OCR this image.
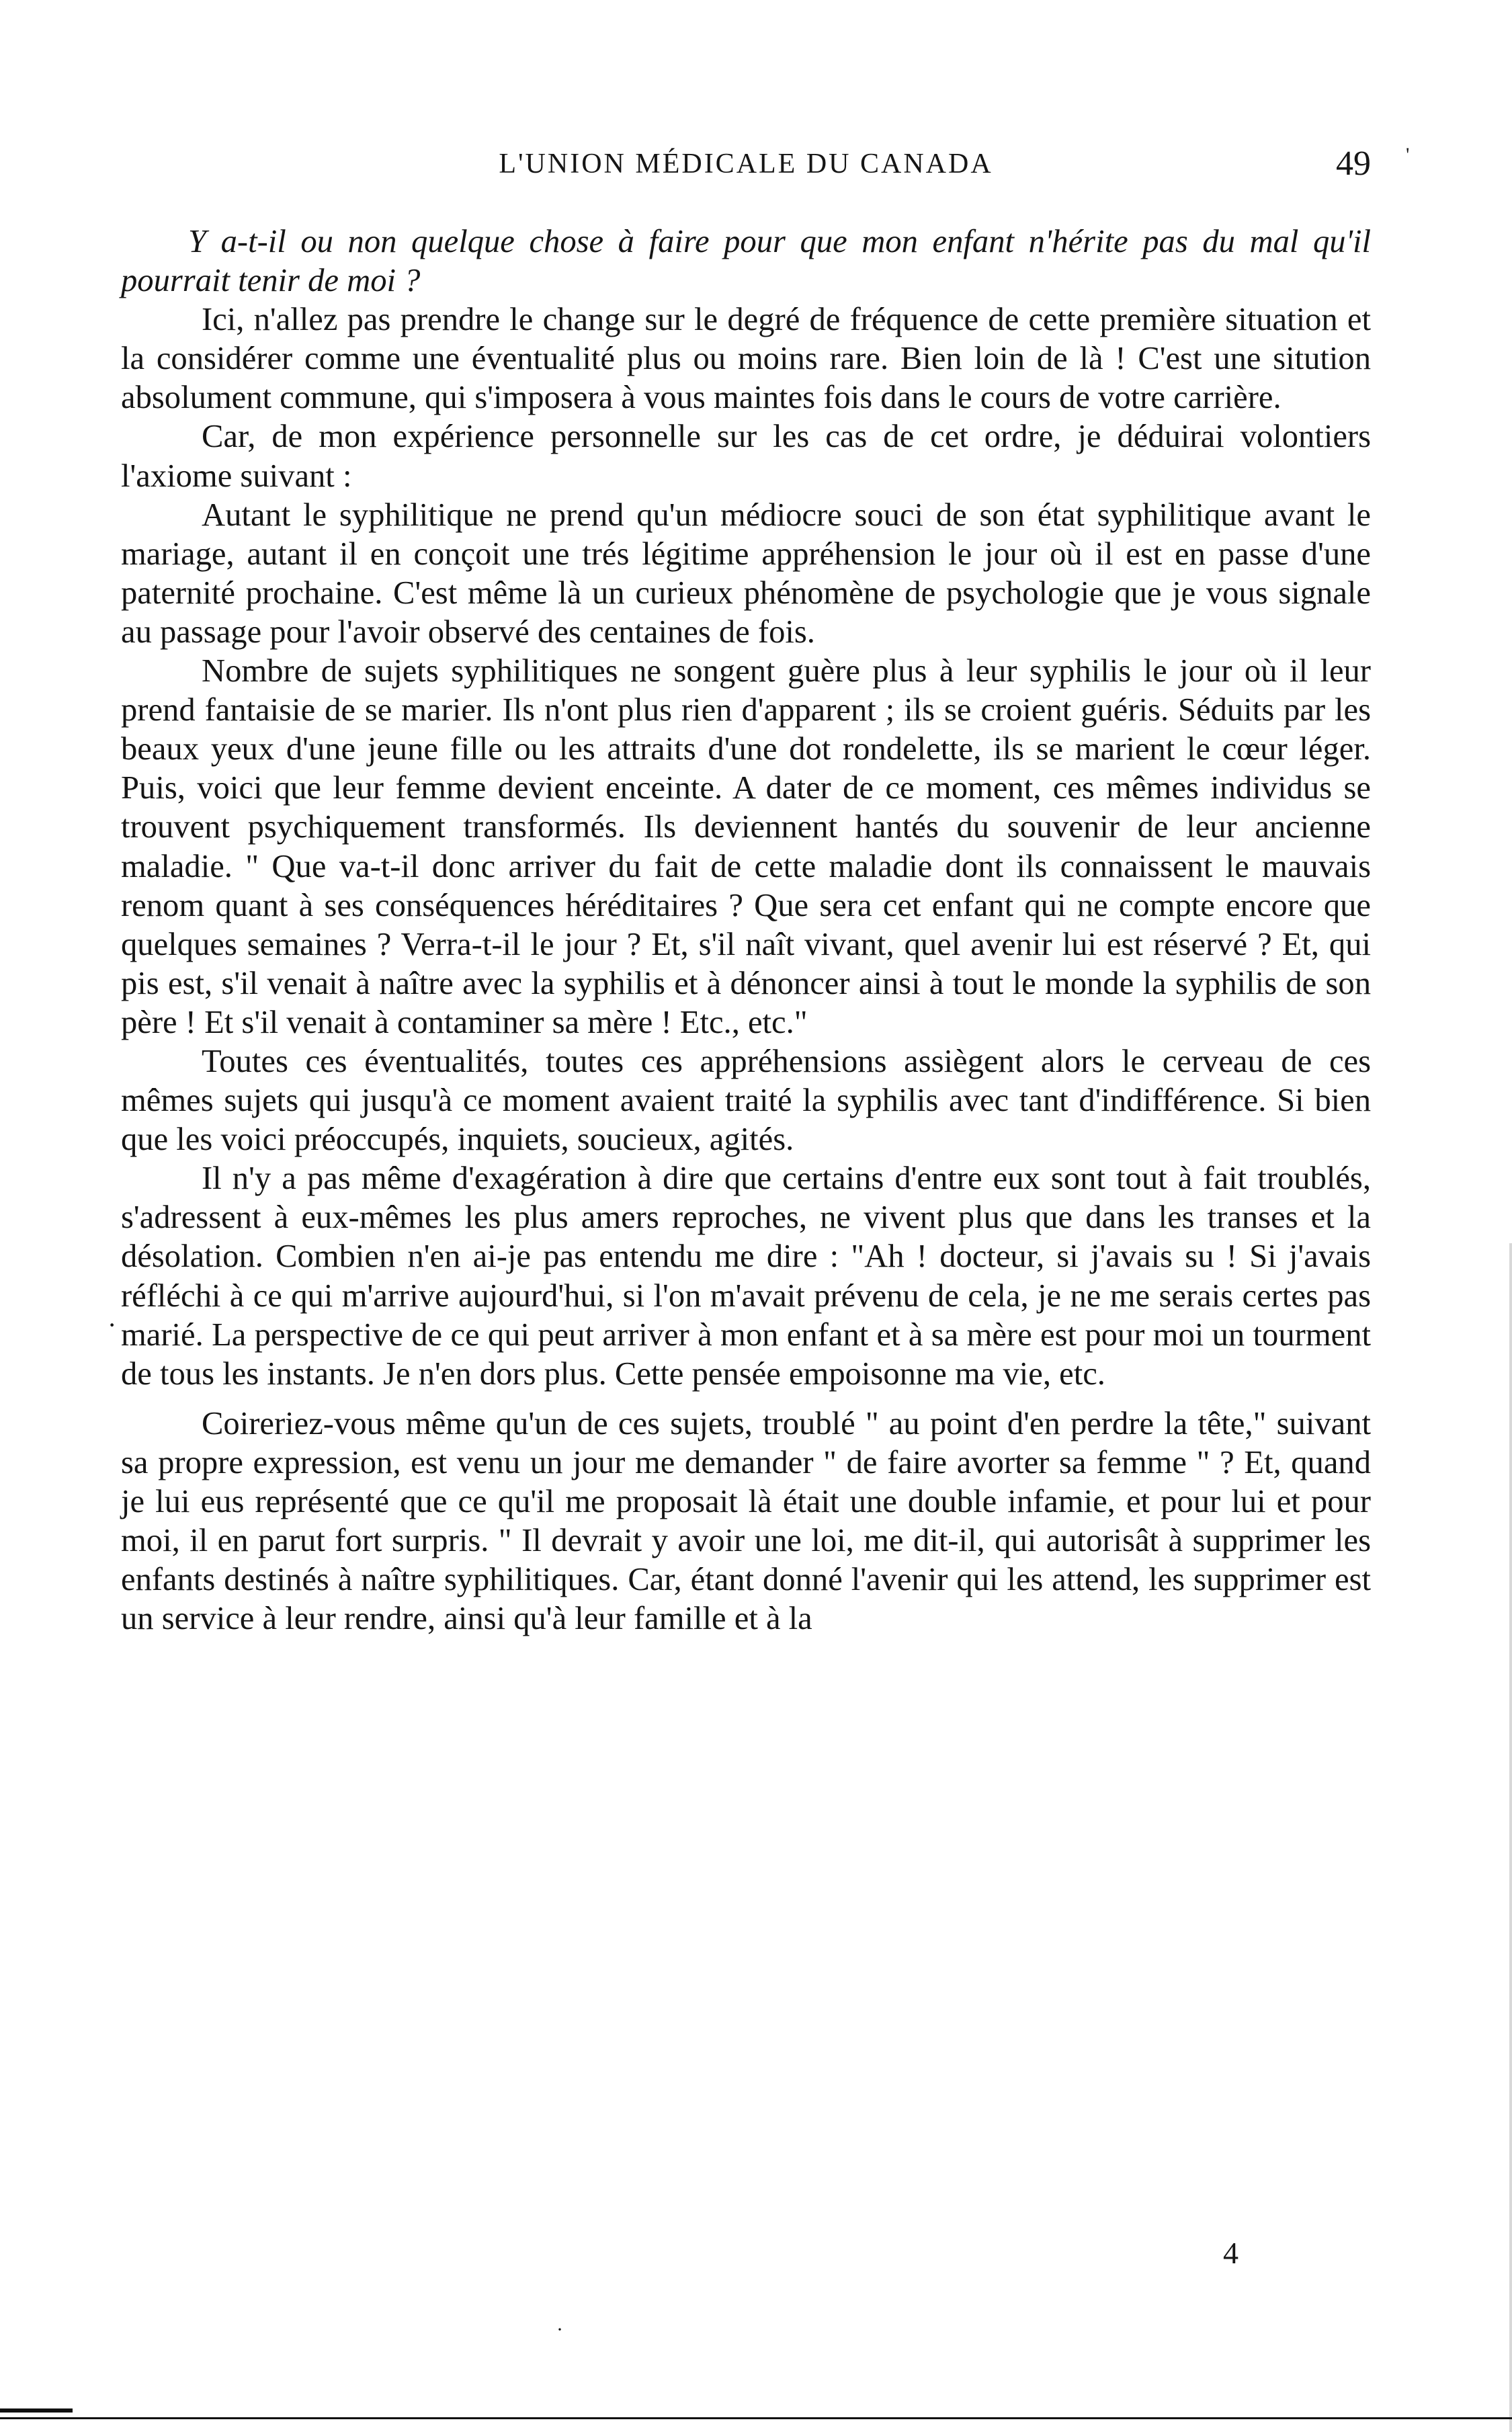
L'UNION MÉDICALE DU CANADA	49 '

Y a-t-il ou non quelque chose à faire pour que mon enfant n'hérite pas du mal qu'il pourrait tenir de moi ?

Ici, n'allez pas prendre le change sur le degré de fréquence de cette première situation et la considérer comme une éventualité plus ou moins rare. Bien loin de là ! C'est une sitution absolument commune, qui s'imposera à vous maintes fois dans le cours de votre carrière.

Car, de mon expérience personnelle sur les cas de cet ordre, je déduirai volontiers l'axiome suivant :

Autant le syphilitique ne prend qu'un médiocre souci de son état syphilitique avant le mariage, autant il en conçoit une trés légitime appréhension le jour où il est en passe d'une paternité prochaine. C'est même là un curieux phénomène de psychologie que je vous signale au passage pour l'avoir observé des centaines de fois.

Nombre de sujets syphilitiques ne songent guère plus à leur syphilis le jour où il leur prend fantaisie de se marier. Ils n'ont plus rien d'apparent ; ils se croient guéris. Séduits par les beaux yeux d'une jeune fille ou les attraits d'une dot rondelette, ils se marient le cœur léger. Puis, voici que leur femme devient enceinte. A dater de ce moment, ces mêmes individus se trouvent psychiquement transformés. Ils deviennent hantés du souvenir de leur ancienne maladie. " Que va-t-il donc arriver du fait de cette maladie dont ils connaissent le mauvais renom quant à ses conséquences héréditaires ? Que sera cet enfant qui ne compte encore que quelques semaines ? Verra-t-il le jour ? Et, s'il naît vivant, quel avenir lui est réservé ? Et, qui pis est, s'il venait à naître avec la syphilis et à dénoncer ainsi à tout le monde la syphilis de son père ! Et s'il venait à contaminer sa mère ! Etc., etc."

Toutes ces éventualités, toutes ces appréhensions assiègent alors le cerveau de ces mêmes sujets qui jusqu'à ce moment avaient traité la syphilis avec tant d'indifférence. Si bien que les voici préoccupés, inquiets, soucieux, agités.

Il n'y a pas même d'exagération à dire que certains d'entre eux sont tout à fait troublés, s'adressent à eux-mêmes les plus amers reproches, ne vivent plus que dans les transes et la désolation. Combien n'en ai-je pas entendu me dire : "Ah ! docteur, si j'avais su ! Si j'avais réfléchi à ce qui m'arrive aujourd'hui, si l'on m'avait prévenu de cela, je ne me serais certes pas marié. La perspective de ce qui peut arriver à mon enfant et à sa mère est pour moi un tourment de tous les instants. Je n'en dors plus. Cette pensée empoisonne ma vie, etc.

Coireriez-vous même qu'un de ces sujets, troublé " au point d'en perdre la tête," suivant sa propre expression, est venu un jour me demander " de faire avorter sa femme " ? Et, quand je lui eus représenté que ce qu'il me proposait là était une double infamie, et pour lui et pour moi, il en parut fort surpris. " Il devrait y avoir une loi, me dit-il, qui autorisât à supprimer les enfants destinés à naître syphilitiques. Car, étant donné l'avenir qui les attend, les supprimer est un service à leur rendre, ainsi qu'à leur famille et à la

4
·
·
